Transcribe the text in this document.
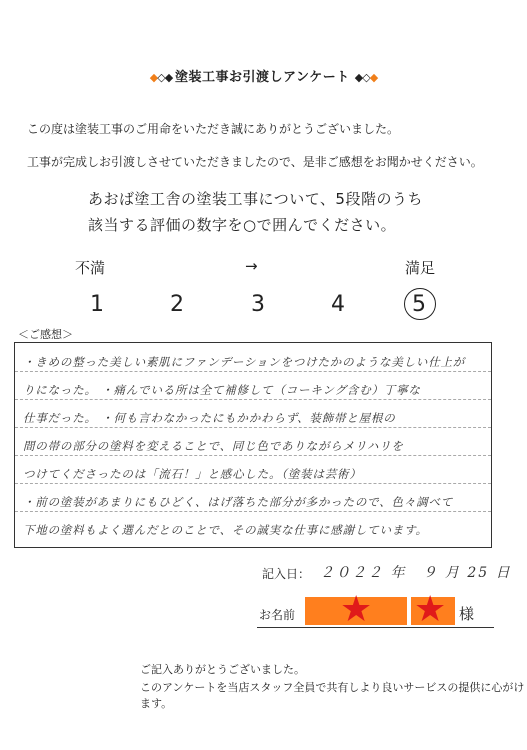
◆◇◆ 塗装工事お引渡しアンケート ◆◇◆
この度は塗装工事のご用命をいただき誠にありがとうございました。
工事が完成しお引渡しさせていただきましたので、是非ご感想をお聞かせください。
あおば塗工舎の塗装工事について、5段階のうち
該当する評価の数字を○で囲んでください。
不満	→	満足
1	2	3	4	5
＜ご感想＞
・きめの整った美しい素肌にファンデーションをつけたかのような美しい仕上が
りになった。 ・痛んでいる所は全て補修して（コーキング含む）丁寧な
仕事だった。 ・何も言わなかったにもかかわらず、装飾帯と屋根の
間の帯の部分の塗料を変えることで、同じ色でありながらメリハリを
つけてくださったのは「流石！」と感心した。（塗装は芸術）
・前の塗装があまりにもひどく、はげ落ちた部分が多かったので、色々調べて
下地の塗料もよく選んだとのことで、その誠実な仕事に感謝しています。
記入日： ２０２２ 年　９ 月 25 日
お名前 ★ ★ 様
ご記入ありがとうございました。
このアンケートを当店スタッフ全員で共有しより良いサービスの提供に心がけます。
